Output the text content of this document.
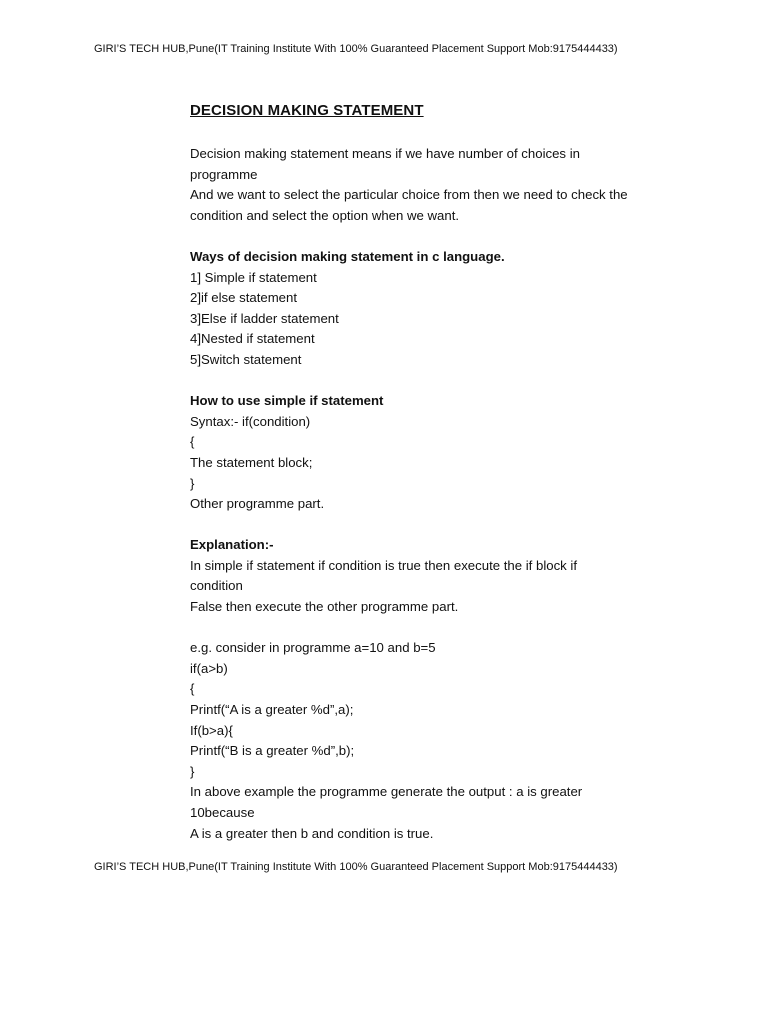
GIRI’S TECH HUB,Pune(IT Training Institute With 100% Guaranteed Placement Support Mob:9175444433)
DECISION MAKING STATEMENT
Decision making statement means if we have number of choices in
programme
And we want to select the particular choice from then we need to check the
condition and select the option when we want.
Ways of decision making statement in c language.
1] Simple if statement
2]if else statement
3]Else if ladder statement
4]Nested if statement
5]Switch statement
How to use simple if statement
Syntax:- if(condition)
{
The statement block;
}
Other programme part.
Explanation:-
In simple if statement if condition is true then execute the if block if
condition
False then execute the other programme part.
e.g. consider in programme a=10 and b=5
if(a>b)
{
Printf(“A is a greater %d”,a);
If(b>a){
Printf(“B is a greater %d”,b);
}
In above example the programme generate the output : a is greater
10because
A is a greater then b and condition is true.
GIRI’S TECH HUB,Pune(IT Training Institute With 100% Guaranteed Placement Support Mob:9175444433)
